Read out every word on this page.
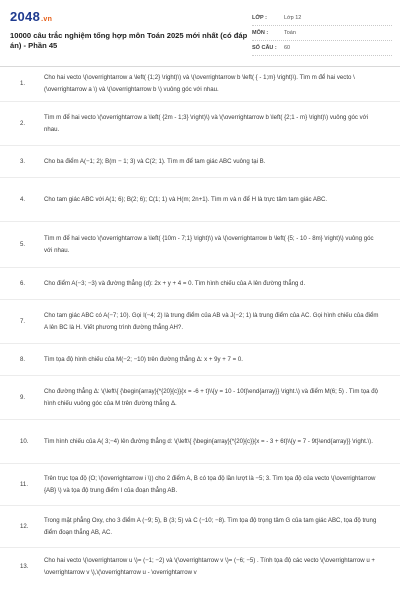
2048.vn
10000 câu trắc nghiệm tổng hợp môn Toán 2025 mới nhất (có đáp án) - Phần 45
LỚP :	Lớp 12
MÔN :	Toán
SỐ CÂU :	60
1.
Cho hai vecto \(\overrightarrow a \left( {1;2} \right)\) và \(\overrightarrow b \left( { - 1;m} \right)\). Tìm m để hai vecto \(\overrightarrow a \) và \(\overrightarrow b \) vuông góc với nhau.
2.
Tìm m để hai vecto \(\overrightarrow a \left( {2m - 1;3} \right)\) và \(\overrightarrow b \left( {2;1 - m} \right)\) vuông góc với nhau.
3.	Cho ba điểm A(−1; 2); B(m − 1; 3) và C(2; 1). Tìm m để tam giác ABC vuông tại B.
4.	Cho tam giác ABC với A(1; 6); B(2; 6); C(1; 1) và H(m; 2n+1). Tìm m và n để H là trực tâm tam giác ABC.
5.
Tìm m để hai vecto \(\overrightarrow a \left( {10m - 7;1} \right)\) và \(\overrightarrow b \left( {5; - 10 - 8m} \right)\) vuông góc với nhau.
6.	Cho điểm A(−3; −3) và đường thẳng (d): 2x + y + 4 = 0. Tìm hình chiếu của A lên đường thẳng d.
7.
Cho tam giác ABC có A(−7; 10). Gọi I(−4; 2) là trung điểm của AB và J(−2; 1) là trung điểm của AC. Gọi hình chiếu của điểm A lên BC là H. Viết phương trình đường thẳng AH?.
8.	Tìm tọa độ hình chiếu của M(−2; −10) trên đường thẳng Δ: x + 9y + 7 = 0.
9.
Cho đường thẳng Δ: \(\left\{ {\begin{array}{*{20}{c}}{x = -6 + t}\\{y = 10 - 10t}\end{array}} \right.\) và điểm M(6; 5) . Tìm tọa độ hình chiếu vuông góc của M trên đường thẳng Δ.
10.	Tìm hình chiếu của A( 3;−4) lên đường thẳng d: \(\left\{ {\begin{array}{*{20}{c}}{x = - 3 + 6t}\\{y = 7 - 9t}\end{array}} \right.\).
11.
Trên trục tọa độ (O; \(\overrightarrow i \)) cho 2 điểm A, B có tọa độ lần lượt là −5; 3. Tìm tọa độ của vecto \(\overrightarrow {AB} \) và tọa độ trung điểm I của đoạn thẳng AB.
12.
Trong mặt phẳng Oxy, cho 3 điểm A (−9; 5), B (3; 5) và C (−10; −8). Tìm tọa độ trọng tâm G của tam giác ABC, tọa độ trung điểm đoạn thẳng AB, AC.
13.
Cho hai vecto \(\overrightarrow u \)= (−1; −2) và \(\overrightarrow v \)= (−6; −5) . Tính tọa độ các vecto \(\overrightarrow u + \overrightarrow v \),\(\overrightarrow u - \overrightarrow v
